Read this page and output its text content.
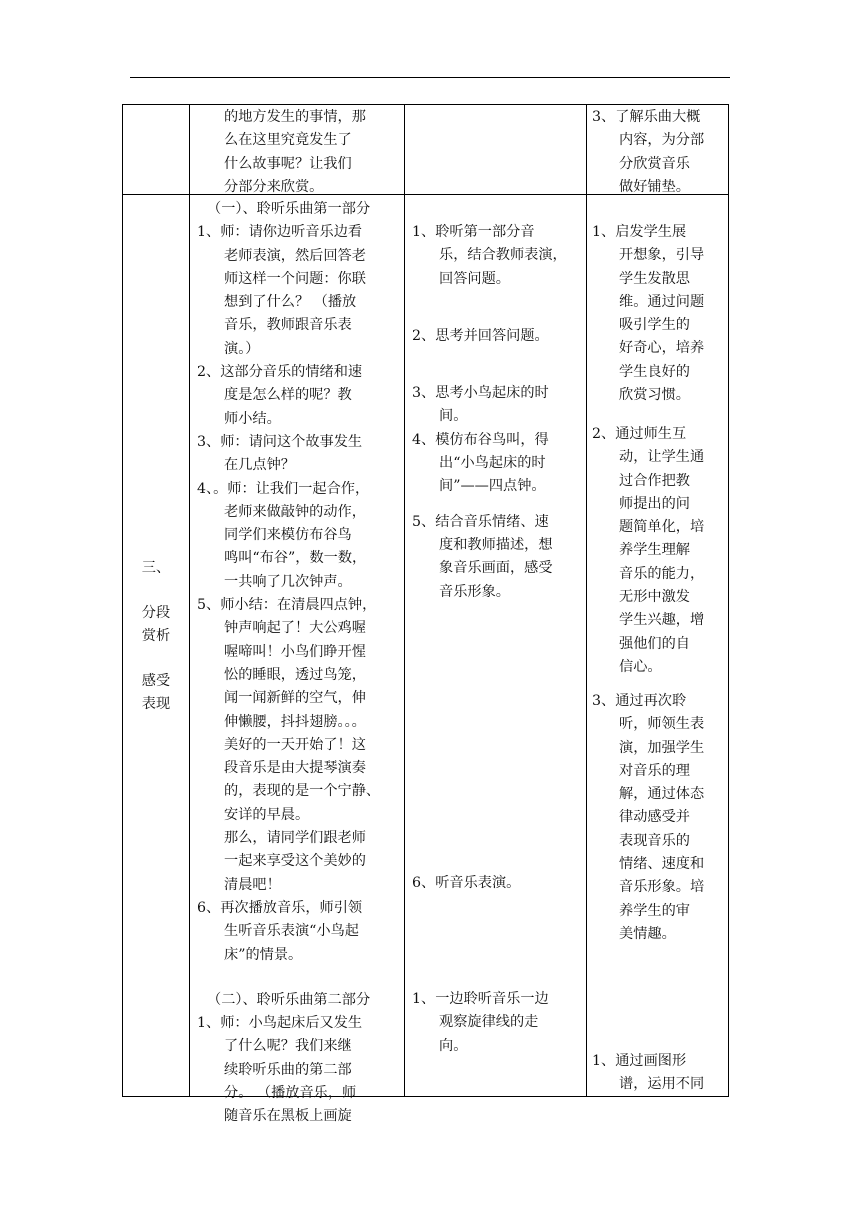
的地方发生的事情，那
么在这里究竟发生了
什么故事呢？让我们
分部分来欣赏。
3、了解乐曲大概
内容，为分部
分欣赏音乐
做好铺垫。
三、
分段
赏析
感受
表现
（一）、聆听乐曲第一部分
1、师：请你边听音乐边看
老师表演，然后回答老
师这样一个问题：你联
想到了什么？ （播放
音乐，教师跟音乐表
演。）
2、这部分音乐的情绪和速
度是怎么样的呢？教
师小结。
3、师：请问这个故事发生
在几点钟？
4、。师：让我们一起合作，
老师来做敲钟的动作，
同学们来模仿布谷鸟
鸣叫“布谷”，数一数，
一共响了几次钟声。
5、师小结：在清晨四点钟，
钟声响起了！大公鸡喔
喔啼叫！小鸟们睁开惺
忪的睡眼，透过鸟笼，
闻一闻新鲜的空气，伸
伸懒腰，抖抖翅膀。。。
美好的一天开始了！这
段音乐是由大提琴演奏
的，表现的是一个宁静、
安详的早晨。
那么，请同学们跟老师
一起来享受这个美妙的
清晨吧！
6、再次播放音乐，师引领
生听音乐表演“小鸟起
床”的情景。
（二）、聆听乐曲第二部分
1、师：小鸟起床后又发生
了什么呢？我们来继
续聆听乐曲的第二部
分。 （播放音乐，师
随音乐在黑板上画旋
1、聆听第一部分音
乐，结合教师表演，
回答问题。
2、思考并回答问题。
3、思考小鸟起床的时
间。
4、模仿布谷鸟叫，得
出“小鸟起床的时
间”——四点钟。
5、结合音乐情绪、速
度和教师描述，想
象音乐画面，感受
音乐形象。
6、听音乐表演。
1、一边聆听音乐一边
观察旋律线的走
向。
1、启发学生展
开想象，引导
学生发散思
维。通过问题
吸引学生的
好奇心，培养
学生良好的
欣赏习惯。
2、通过师生互
动，让学生通
过合作把教
师提出的问
题简单化，培
养学生理解
音乐的能力，
无形中激发
学生兴趣，增
强他们的自
信心。
3、通过再次聆
听，师领生表
演，加强学生
对音乐的理
解，通过体态
律动感受并
表现音乐的
情绪、速度和
音乐形象。培
养学生的审
美情趣。
1、通过画图形
谱，运用不同
